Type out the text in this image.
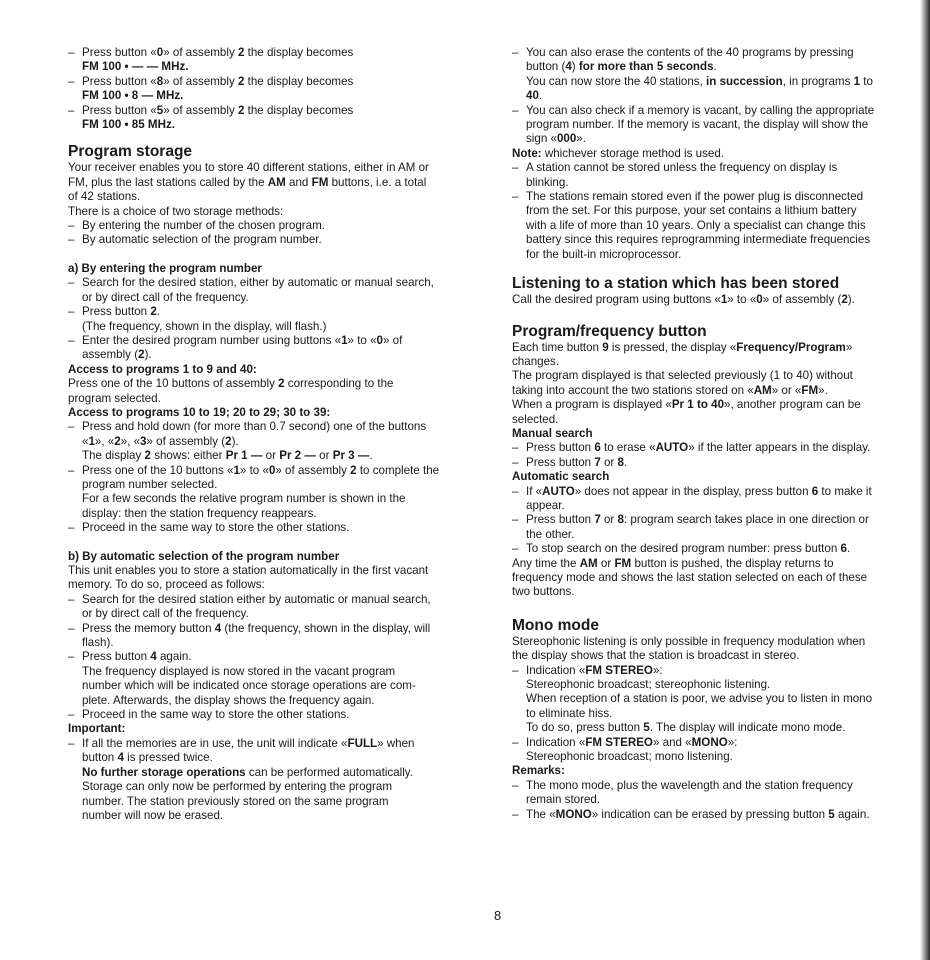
– Press button «0» of assembly 2 the display becomes
FM 100 • — — MHz.
– Press button «8» of assembly 2 the display becomes
FM 100 • 8 — MHz.
– Press button «5» of assembly 2 the display becomes
FM 100 • 85 MHz.
Program storage
Your receiver enables you to store 40 different stations, either in AM or
FM, plus the last stations called by the AM and FM buttons, i.e. a total
of 42 stations.
There is a choice of two storage methods:
– By entering the number of the chosen program.
– By automatic selection of the program number.
a) By entering the program number
– Search for the desired station, either by automatic or manual search,
or by direct call of the frequency.
– Press button 2.
(The frequency, shown in the display, will flash.)
– Enter the desired program number using buttons «1» to «0» of
assembly (2).
Access to programs 1 to 9 and 40:
Press one of the 10 buttons of assembly 2 corresponding to the
program selected.
Access to programs 10 to 19; 20 to 29; 30 to 39:
– Press and hold down (for more than 0.7 second) one of the buttons
«1», «2», «3» of assembly (2).
The display 2 shows: either Pr 1 — or Pr 2 — or Pr 3 —.
– Press one of the 10 buttons «1» to «0» of assembly 2 to complete the
program number selected.
For a few seconds the relative program number is shown in the
display: then the station frequency reappears.
– Proceed in the same way to store the other stations.
b) By automatic selection of the program number
This unit enables you to store a station automatically in the first vacant
memory. To do so, proceed as follows:
– Search for the desired station either by automatic or manual search,
or by direct call of the frequency.
– Press the memory button 4 (the frequency, shown in the display, will
flash).
– Press button 4 again.
The frequency displayed is now stored in the vacant program
number which will be indicated once storage operations are com-
plete. Afterwards, the display shows the frequency again.
– Proceed in the same way to store the other stations.
Important:
– If all the memories are in use, the unit will indicate «FULL» when
button 4 is pressed twice.
No further storage operations can be performed automatically.
Storage can only now be performed by entering the program
number. The station previously stored on the same program
number will now be erased.
– You can also erase the contents of the 40 programs by pressing
button (4) for more than 5 seconds.
You can now store the 40 stations, in succession, in programs 1 to
40.
– You can also check if a memory is vacant, by calling the appropriate
program number. If the memory is vacant, the display will show the
sign «000».
Note: whichever storage method is used.
– A station cannot be stored unless the frequency on display is
blinking.
– The stations remain stored even if the power plug is disconnected
from the set. For this purpose, your set contains a lithium battery
with a life of more than 10 years. Only a specialist can change this
battery since this requires reprogramming intermediate frequencies
for the built-in microprocessor.
Listening to a station which has been stored
Call the desired program using buttons «1» to «0» of assembly (2).
Program/frequency button
Each time button 9 is pressed, the display «Frequency/Program»
changes.
The program displayed is that selected previously (1 to 40) without
taking into account the two stations stored on «AM» or «FM».
When a program is displayed «Pr 1 to 40», another program can be
selected.
Manual search
– Press button 6 to erase «AUTO» if the latter appears in the display.
– Press button 7 or 8.
Automatic search
– If «AUTO» does not appear in the display, press button 6 to make it
appear.
– Press button 7 or 8: program search takes place in one direction or
the other.
– To stop search on the desired program number: press button 6.
Any time the AM or FM button is pushed, the display returns to
frequency mode and shows the last station selected on each of these
two buttons.
Mono mode
Stereophonic listening is only possible in frequency modulation when
the display shows that the station is broadcast in stereo.
– Indication «FM STEREO»:
Stereophonic broadcast; stereophonic listening.
When reception of a station is poor, we advise you to listen in mono
to eliminate hiss.
To do so, press button 5. The display will indicate mono mode.
– Indication «FM STEREO» and «MONO»:
Stereophonic broadcast; mono listening.
Remarks:
– The mono mode, plus the wavelength and the station frequency
remain stored.
– The «MONO» indication can be erased by pressing button 5 again.
8
